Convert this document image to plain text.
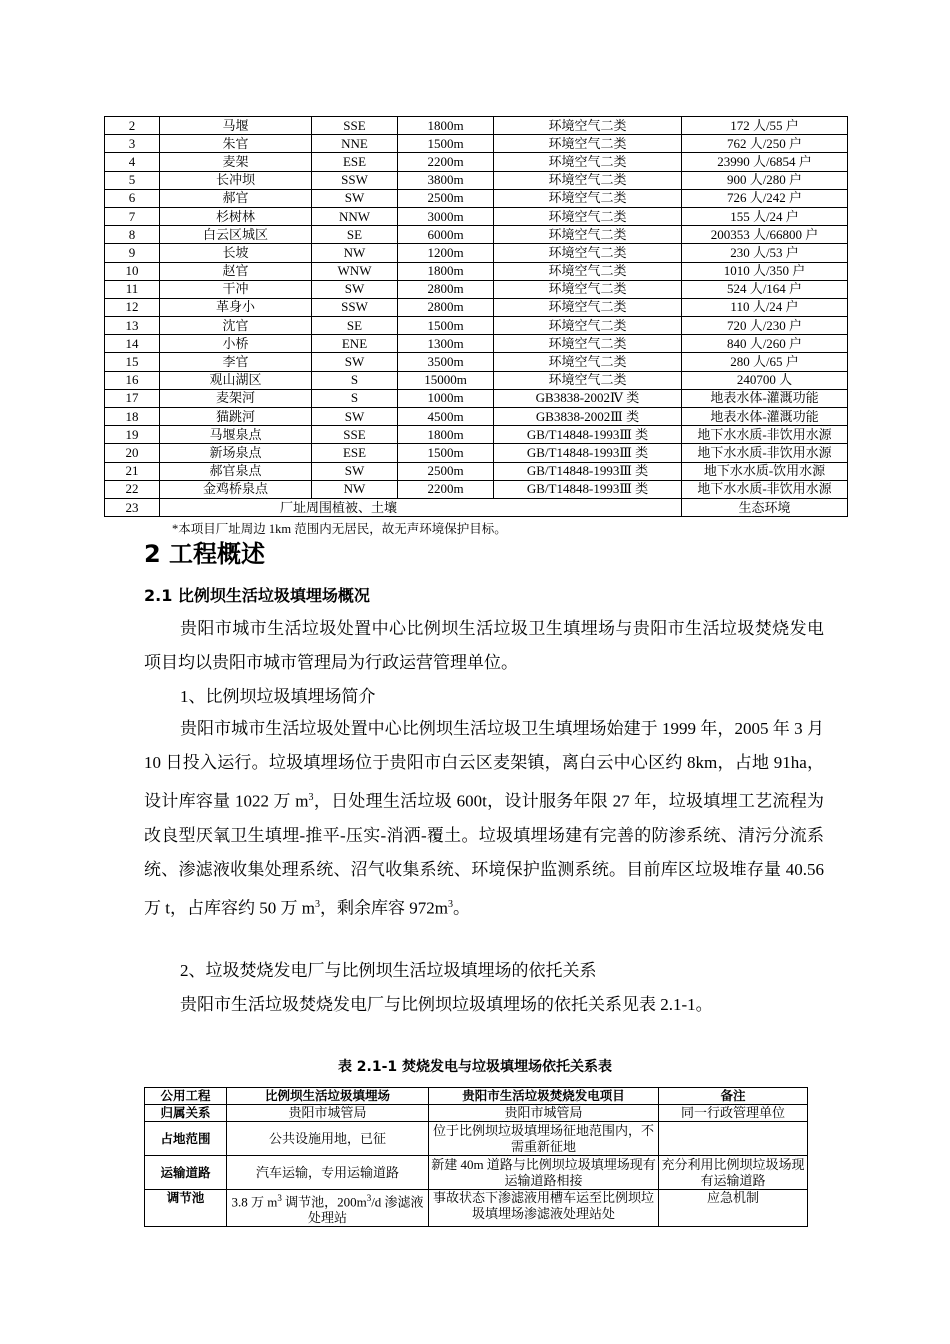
2	马堰	SSE	1800m	环境空气二类	172 人/55 户
3	朱官	NNE	1500m	环境空气二类	762 人/250 户
4	麦架	ESE	2200m	环境空气二类	23990 人/6854 户
5	长冲坝	SSW	3800m	环境空气二类	900 人/280 户
6	郝官	SW	2500m	环境空气二类	726 人/242 户
7	杉树林	NNW	3000m	环境空气二类	155 人/24 户
8	白云区城区	SE	6000m	环境空气二类	200353 人/66800 户
9	长坡	NW	1200m	环境空气二类	230 人/53 户
10	赵官	WNW	1800m	环境空气二类	1010 人/350 户
11	干冲	SW	2800m	环境空气二类	524 人/164 户
12	革身小	SSW	2800m	环境空气二类	110 人/24 户
13	沈官	SE	1500m	环境空气二类	720 人/230 户
14	小桥	ENE	1300m	环境空气二类	840 人/260 户
15	李官	SW	3500m	环境空气二类	280 人/65 户
16	观山湖区	S	15000m	环境空气二类	240700 人
17	麦架河	S	1000m	GB3838-2002Ⅳ 类	地表水体-灌溉功能
18	猫跳河	SW	4500m	GB3838-2002Ⅲ 类	地表水体-灌溉功能
19	马堰泉点	SSE	1800m	GB/T14848-1993Ⅲ 类	地下水水质-非饮用水源
20	新场泉点	ESE	1500m	GB/T14848-1993Ⅲ 类	地下水水质-非饮用水源
21	郝官泉点	SW	2500m	GB/T14848-1993Ⅲ 类	地下水水质-饮用水源
22	金鸡桥泉点	NW	2200m	GB/T14848-1993Ⅲ 类	地下水水质-非饮用水源
23	厂址周围植被、土壤				生态环境
*本项目厂址周边 1km 范围内无居民，故无声环境保护目标。
2 工程概述
2.1 比例坝生活垃圾填埋场概况
贵阳市城市生活垃圾处置中心比例坝生活垃圾卫生填埋场与贵阳市生活垃圾焚烧发电项目均以贵阳市城市管理局为行政运营管理单位。
1、比例坝垃圾填埋场简介
贵阳市城市生活垃圾处置中心比例坝生活垃圾卫生填埋场始建于 1999 年，2005 年 3 月 10 日投入运行。垃圾填埋场位于贵阳市白云区麦架镇，离白云中心区约 8km，占地 91ha，设计库容量 1022 万 $m^3$，日处理生活垃圾 600t，设计服务年限 27 年，垃圾填埋工艺流程为改良型厌氧卫生填埋-推平-压实-消洒-覆土。垃圾填埋场建有完善的防渗系统、清污分流系统、渗滤液收集处理系统、沼气收集系统、环境保护监测系统。目前库区垃圾堆存量 40.56 万 t，占库容约 50 万 $m^3$，剩余库容 $972m^3$。
2、垃圾焚烧发电厂与比例坝生活垃圾填埋场的依托关系
贵阳市生活垃圾焚烧发电厂与比例坝垃圾填埋场的依托关系见表 2.1-1。
表 2.1-1 焚烧发电与垃圾填埋场依托关系表
公用工程	比例坝生活垃圾填埋场	贵阳市生活垃圾焚烧发电项目	备注
归属关系	贵阳市城管局	贵阳市城管局	同一行政管理单位
占地范围	公共设施用地，已征	位于比例坝垃圾填埋场征地范围内，不需重新征地	
运输道路	汽车运输，专用运输道路	新建 40m 道路与比例坝垃圾填埋场现有运输道路相接	充分利用比例坝垃圾场现有运输道路
调节池	3.8 万 $m^3$ 调节池，$200m^3/d$ 渗滤液处理站	事故状态下渗滤液用槽车运至比例坝垃圾填埋场渗滤液处理站处	应急机制
